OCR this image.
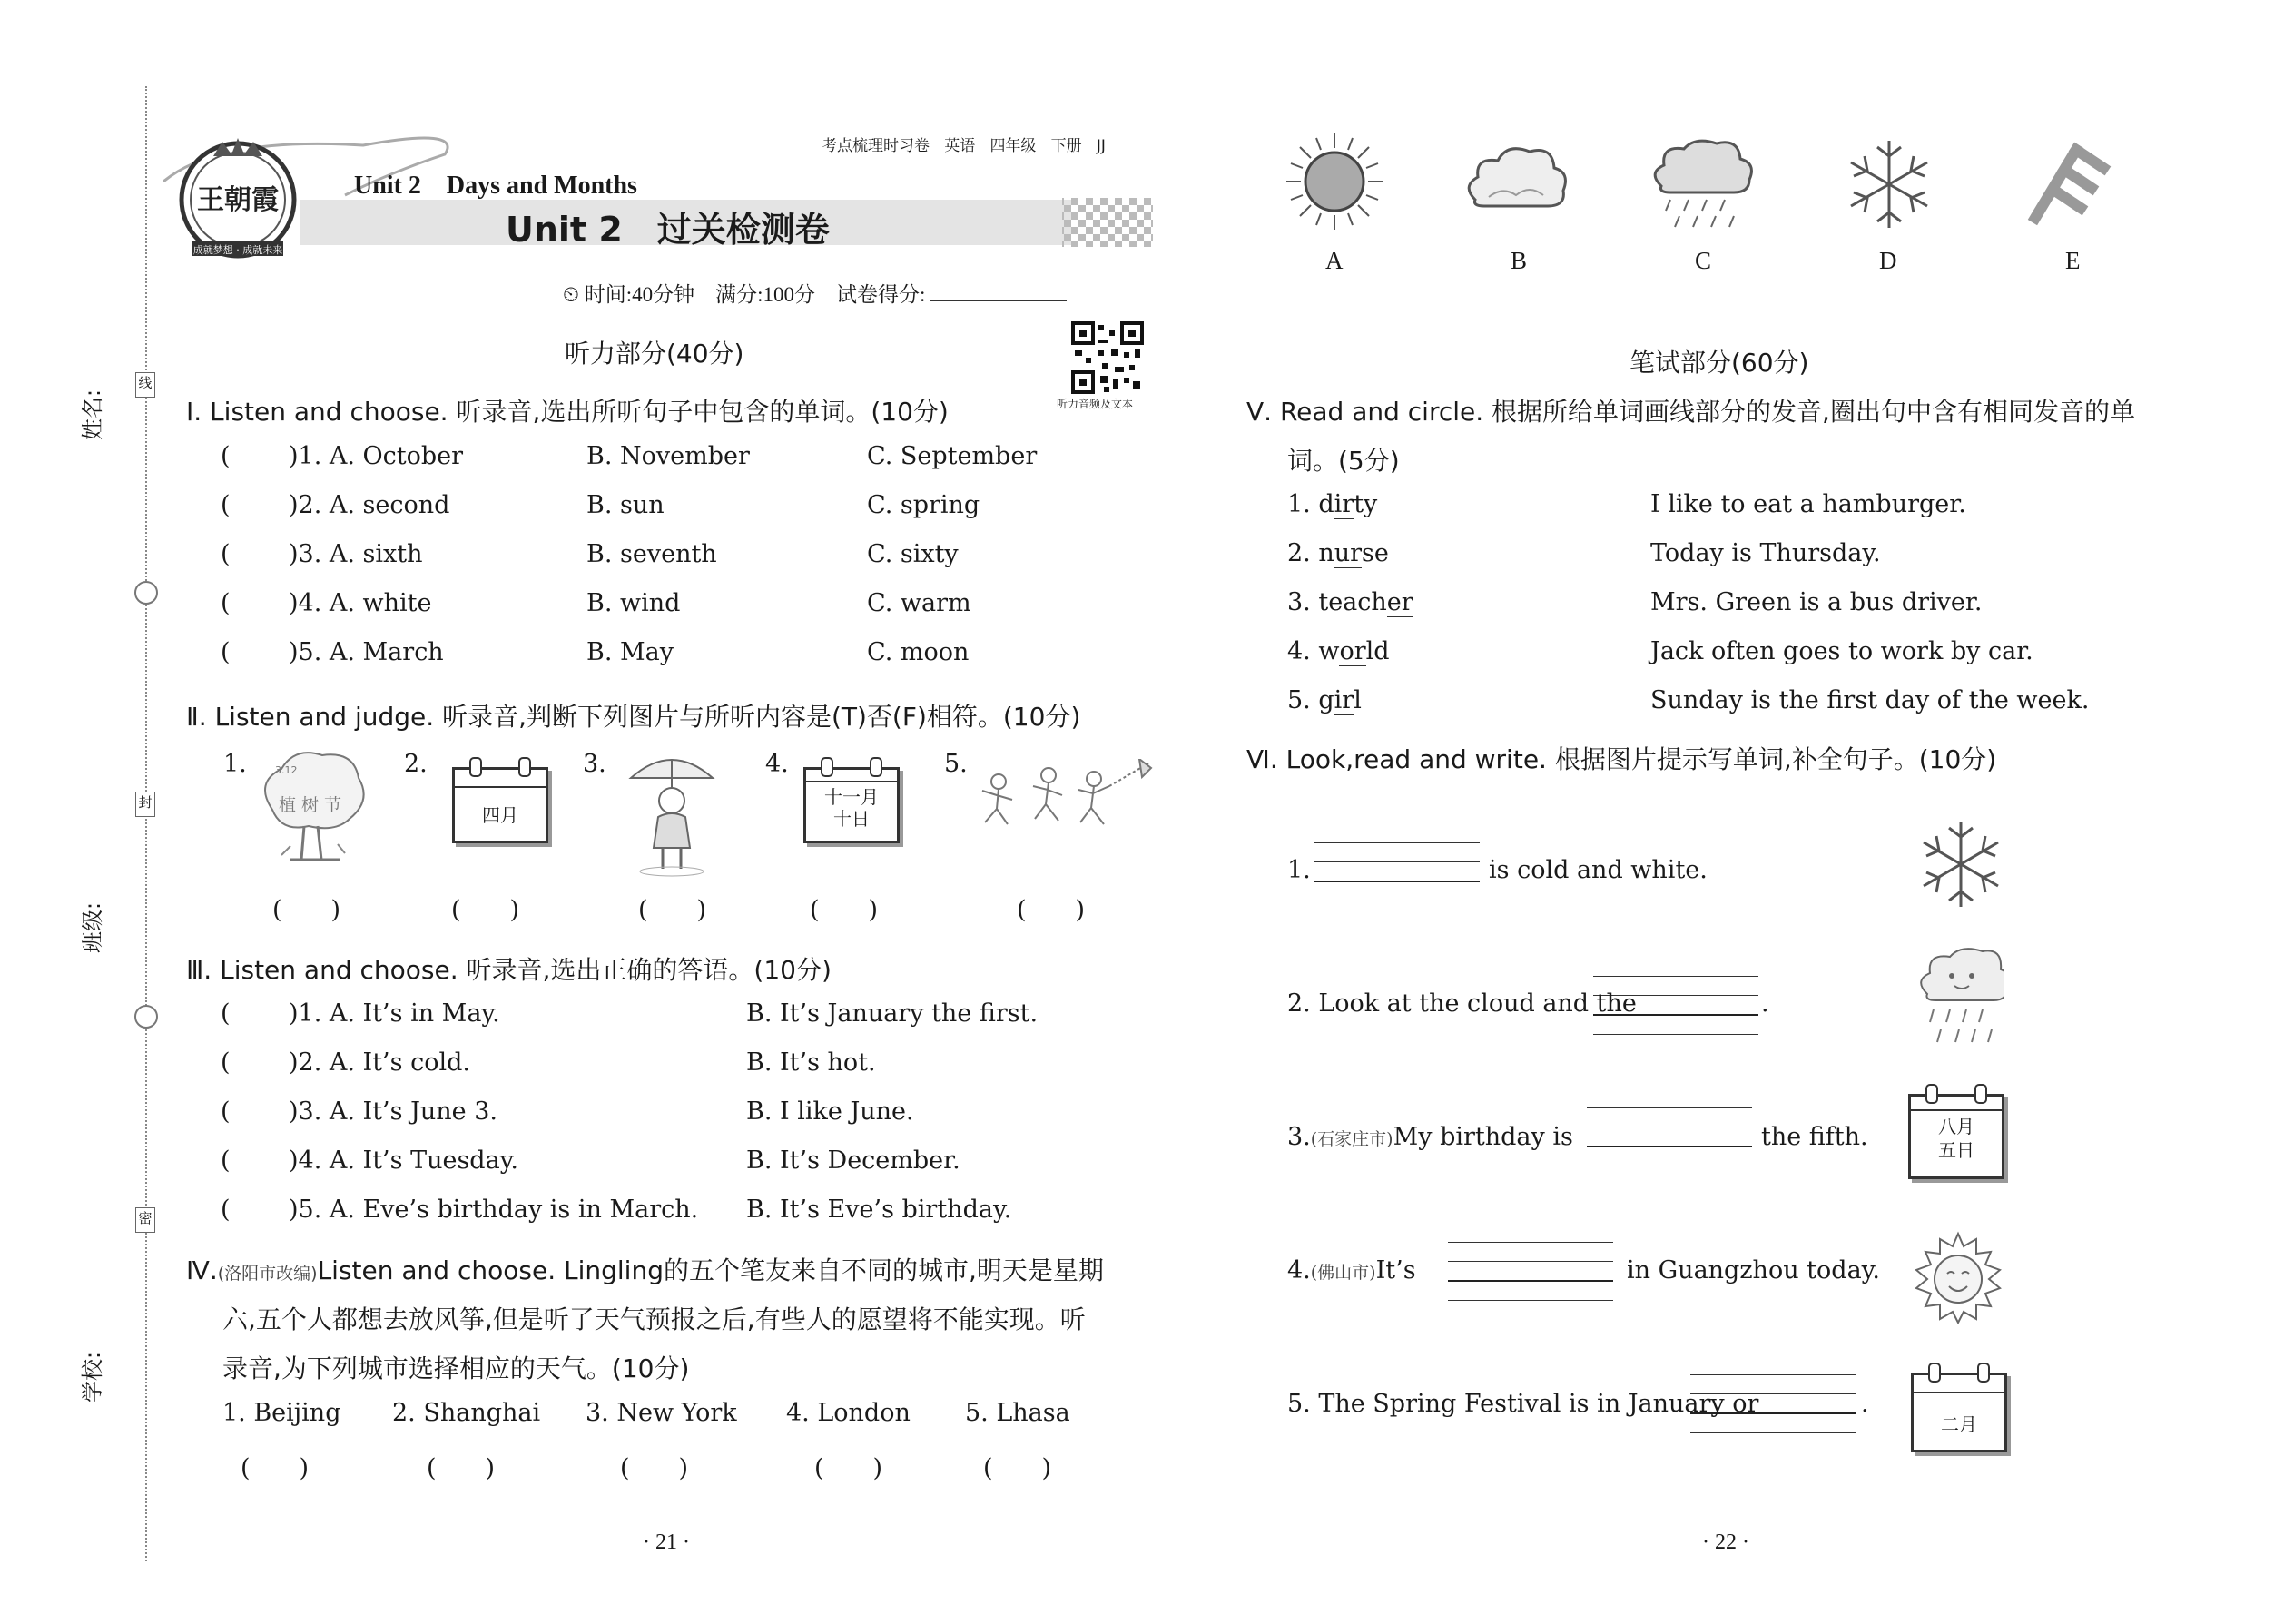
姓名:
班级:
学校:
线
封
密
王朝霞
成就梦想 · 成就未来
考点梳理时习卷 英语 四年级 下册 JJ
Unit 2　Days and Months
Unit 2　过关检测卷
⏲ 时间:40分钟　满分:100分　试卷得分:
听力音频及文本
听力部分(40分)
Ⅰ. Listen and choose. 听录音,选出所听句子中包含的单词。(10分)
( )1. A. October	B. November	C. September
( )2. A. second	B. sun	C. spring
( )3. A. sixth	B. seventh	C. sixty
( )4. A. white	B. wind	C. warm
( )5. A. March	B. May	C. moon
Ⅱ. Listen and judge. 听录音,判断下列图片与所听内容是(T)否(F)相符。(10分)
1.	2.	3.	4.	5.
3.12
植 树 节	四月
十一月
十日
(　　)	(　　)	(　　)	(　　)	(　　)
Ⅲ. Listen and choose. 听录音,选出正确的答语。(10分)
( )1. A. It’s in May.	B. It’s January the first.
( )2. A. It’s cold.	B. It’s hot.
( )3. A. It’s June 3.	B. I like June.
( )4. A. It’s Tuesday.	B. It’s December.
( )5. A. Eve’s birthday is in March. B. It’s Eve’s birthday.
Ⅳ.(洛阳市改编)Listen and choose. Lingling的五个笔友来自不同的城市,明天是星期
六,五个人都想去放风筝,但是听了天气预报之后,有些人的愿望将不能实现。听
录音,为下列城市选择相应的天气。(10分)
1. Beijing 2. Shanghai 3. New York 4. London 5. Lhasa
(　　)	(　　)	(　　)	(　　)	(　　)
· 21 ·
A	B	C	D	E
笔试部分(60分)
Ⅴ. Read and circle. 根据所给单词画线部分的发音,圈出句中含有相同发音的单
词。(5分)
1. dirty	I like to eat a hamburger.
2. nurse	Today is Thursday.
3. teacher	Mrs. Green is a bus driver.
4. world	Jack often goes to work by car.
5. girl	Sunday is the first day of the week.
Ⅵ. Look,read and write. 根据图片提示写单词,补全句子。(10分)
1.	is cold and white.
2. Look at the cloud and the	.
3.(石家庄市)My birthday is	the fifth.	八月
五日
4.(佛山市)It’s	in Guangzhou today.
5. The Spring Festival is in January or	.
二月
· 22 ·
